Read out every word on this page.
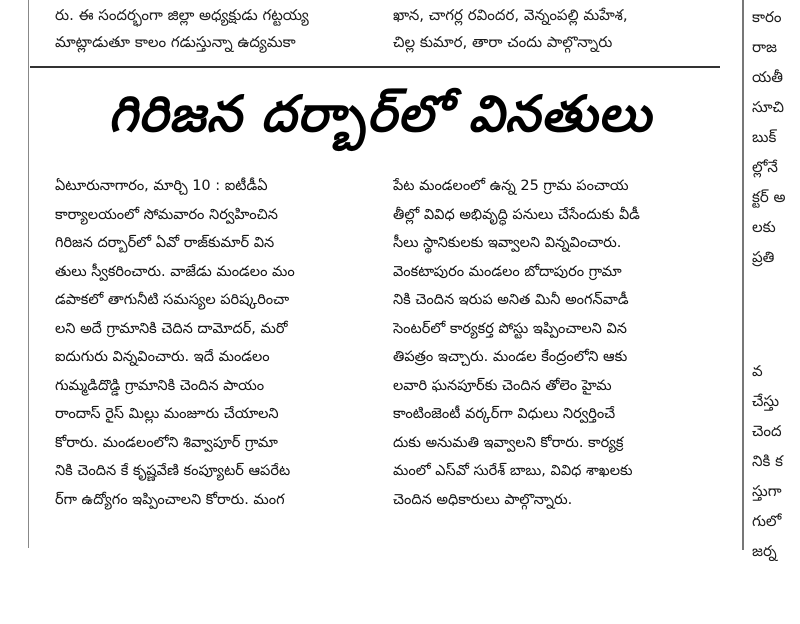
రు. ఈ సందర్భంగా జిల్లా అధ్యక్షుడు గట్టయ్య
మాట్లాడుతూ కాలం గడుస్తున్నా ఉద్యమకా
ఖాన, చాగర్ల రవిందర, వెన్నంపల్లి మహేశ,
చిల్ల కుమార, తారా చందు పాల్గొన్నారు
గిరిజన దర్బార్‌లో వినతులు
ఏటూరునాగారం, మార్చి 10 : ఐటీడీఏ
కార్యాలయంలో సోమవారం నిర్వహించిన
గిరిజన దర్బార్‌లో ఏవో రాజ్‌కుమార్ విన
తులు స్వీకరించారు. వాజేడు మండలం మం
డపాకలో తాగునీటి సమస్యల పరిష్కరించా
లని అదే గ్రామానికి చెదిన దామోదర్, మరో
ఐదుగురు విన్నవించారు. ఇదే మండలం
గుమ్మడిదొడ్డి గ్రామానికి చెందిన పాయం
రాందాస్ రైస్ మిల్లు మంజూరు చేయాలని
కోరారు. మండలంలోని శివ్వాపూర్ గ్రామా
నికి చెందిన కే కృష్ణవేణి కంప్యూటర్ ఆపరేట
ర్‌గా ఉద్యోగం ఇప్పించాలని కోరారు. మంగ
పేట మండలంలో ఉన్న 25 గ్రామ పంచాయ
తీల్లో వివిధ అభివృద్ధి పనులు చేసేందుకు వీడీ
సీలు స్థానికులకు ఇవ్వాలని విన్నవించారు.
వెంకటాపురం మండలం బోదాపురం గ్రామా
నికి చెందిన ఇరుప అనిత మినీ అంగన్‌వాడీ
సెంటర్‌లో కార్యకర్త పోస్టు ఇప్పించాలని విన
తిపత్రం ఇచ్చారు. మండల కేంద్రంలోని ఆకు
లవారి ఘనపూర్‌కు చెందిన తోలెం హైమ
కాంటింజెంటీ వర్కర్‌గా విధులు నిర్వర్తించే
దుకు అనుమతి ఇవ్వాలని కోరారు. కార్యక్ర
మంలో ఎస్‌వో సురేశ్ బాబు, వివిధ శాఖలకు
చెందిన అధికారులు పాల్గొన్నారు.
కారం
రాజ
యతీ
సూచి
బుక్
ల్లోనే
క్టర్ అ
లకు
ప్రతి
వ
చేస్తు
చెంద
నికి క
స్తుగా
గులో
జర్న
